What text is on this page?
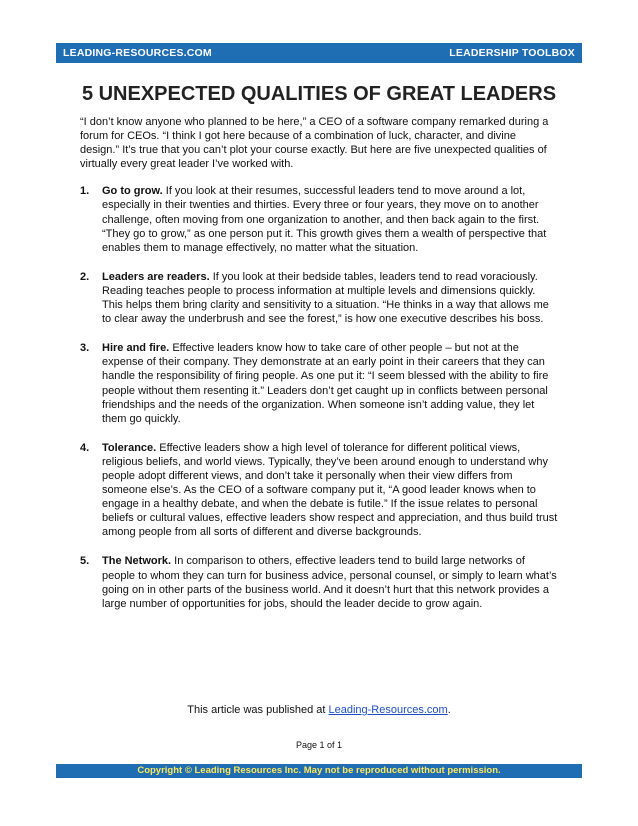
LEADING-RESOURCES.COM	LEADERSHIP TOOLBOX
5 UNEXPECTED QUALITIES OF GREAT LEADERS

“I don’t know anyone who planned to be here,” a CEO of a software company remarked during a forum for CEOs. “I think I got here because of a combination of luck, character, and divine design.” It’s true that you can’t plot your course exactly. But here are five unexpected qualities of virtually every great leader I’ve worked with.

1.	Go to grow. If you look at their resumes, successful leaders tend to move around a lot, especially in their twenties and thirties. Every three or four years, they move on to another challenge, often moving from one organization to another, and then back again to the first. “They go to grow,” as one person put it. This growth gives them a wealth of perspective that enables them to manage effectively, no matter what the situation.
2.	Leaders are readers. If you look at their bedside tables, leaders tend to read voraciously. Reading teaches people to process information at multiple levels and dimensions quickly. This helps them bring clarity and sensitivity to a situation. “He thinks in a way that allows me to clear away the underbrush and see the forest,” is how one executive describes his boss.
3.	Hire and fire. Effective leaders know how to take care of other people – but not at the expense of their company. They demonstrate at an early point in their careers that they can handle the responsibility of firing people. As one put it: “I seem blessed with the ability to fire people without them resenting it.” Leaders don’t get caught up in conflicts between personal friendships and the needs of the organization. When someone isn’t adding value, they let them go quickly.
4.	Tolerance. Effective leaders show a high level of tolerance for different political views, religious beliefs, and world views. Typically, they’ve been around enough to understand why people adopt different views, and don’t take it personally when their view differs from someone else’s. As the CEO of a software company put it, “A good leader knows when to engage in a healthy debate, and when the debate is futile.” If the issue relates to personal beliefs or cultural values, effective leaders show respect and appreciation, and thus build trust among people from all sorts of different and diverse backgrounds.
5.	The Network. In comparison to others, effective leaders tend to build large networks of people to whom they can turn for business advice, personal counsel, or simply to learn what’s going on in other parts of the business world. And it doesn’t hurt that this network provides a large number of opportunities for jobs, should the leader decide to grow again.
This article was published at Leading-Resources.com.
Page 1 of 1
Copyright © Leading Resources Inc. May not be reproduced without permission.
